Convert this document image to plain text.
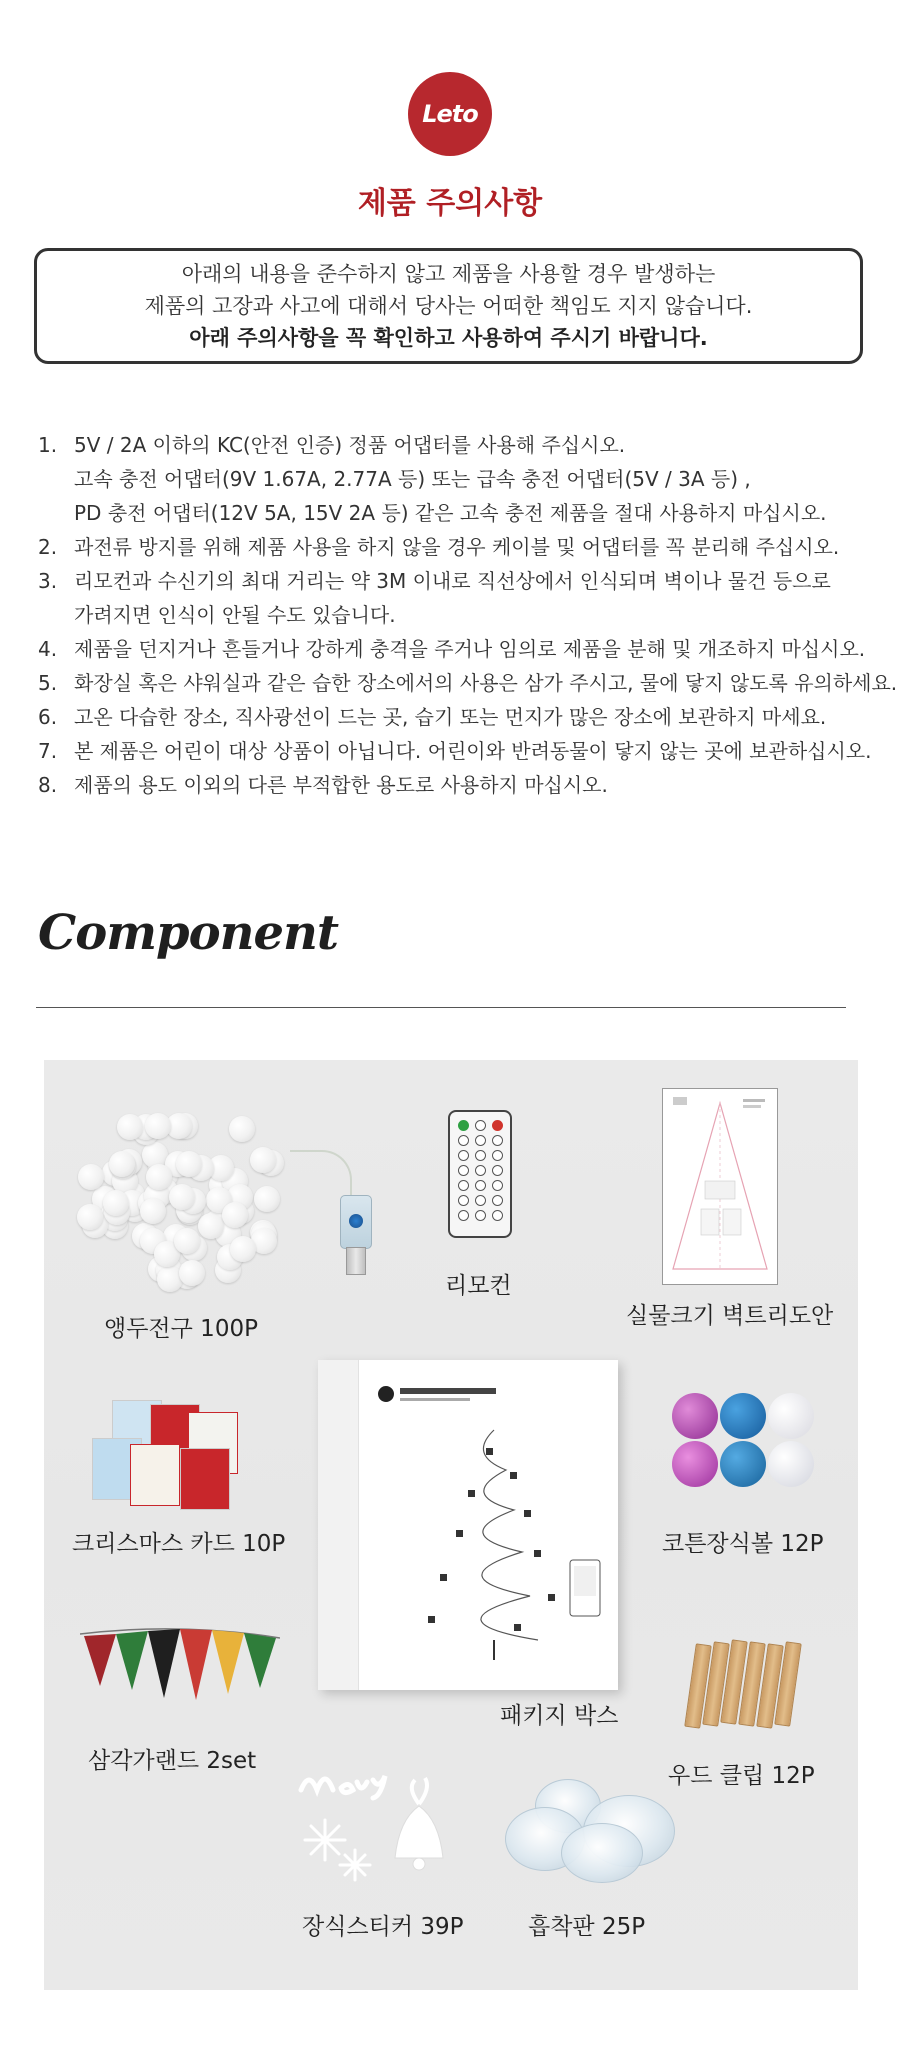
Leto
제품 주의사항
아래의 내용을 준수하지 않고 제품을 사용할 경우 발생하는
제품의 고장과 사고에 대해서 당사는 어떠한 책임도 지지 않습니다.
아래 주의사항을 꼭 확인하고 사용하여 주시기 바랍니다.
1. 5V / 2A 이하의 KC(안전 인증) 정품 어댑터를 사용해 주십시오.
고속 충전 어댑터(9V 1.67A, 2.77A 등) 또는 급속 충전 어댑터(5V / 3A 등) ,
PD 충전 어댑터(12V 5A, 15V 2A 등) 같은 고속 충전 제품을 절대 사용하지 마십시오.
2. 과전류 방지를 위해 제품 사용을 하지 않을 경우 케이블 및 어댑터를 꼭 분리해 주십시오.
3. 리모컨과 수신기의 최대 거리는 약 3M 이내로 직선상에서 인식되며 벽이나 물건 등으로
가려지면 인식이 안될 수도 있습니다.
4. 제품을 던지거나 흔들거나 강하게 충격을 주거나 임의로 제품을 분해 및 개조하지 마십시오.
5. 화장실 혹은 샤워실과 같은 습한 장소에서의 사용은 삼가 주시고, 물에 닿지 않도록 유의하세요.
6. 고온 다습한 장소, 직사광선이 드는 곳, 습기 또는 먼지가 많은 장소에 보관하지 마세요.
7. 본 제품은 어린이 대상 상품이 아닙니다. 어린이와 반려동물이 닿지 않는 곳에 보관하십시오.
8. 제품의 용도 이외의 다른 부적합한 용도로 사용하지 마십시오.
Component
앵두전구 100P
리모컨
실물크기 벽트리도안
크리스마스 카드 10P
패키지 박스
코튼장식볼 12P
삼각가랜드 2set
우드 클립 12P
장식스티커 39P	흡착판 25P
